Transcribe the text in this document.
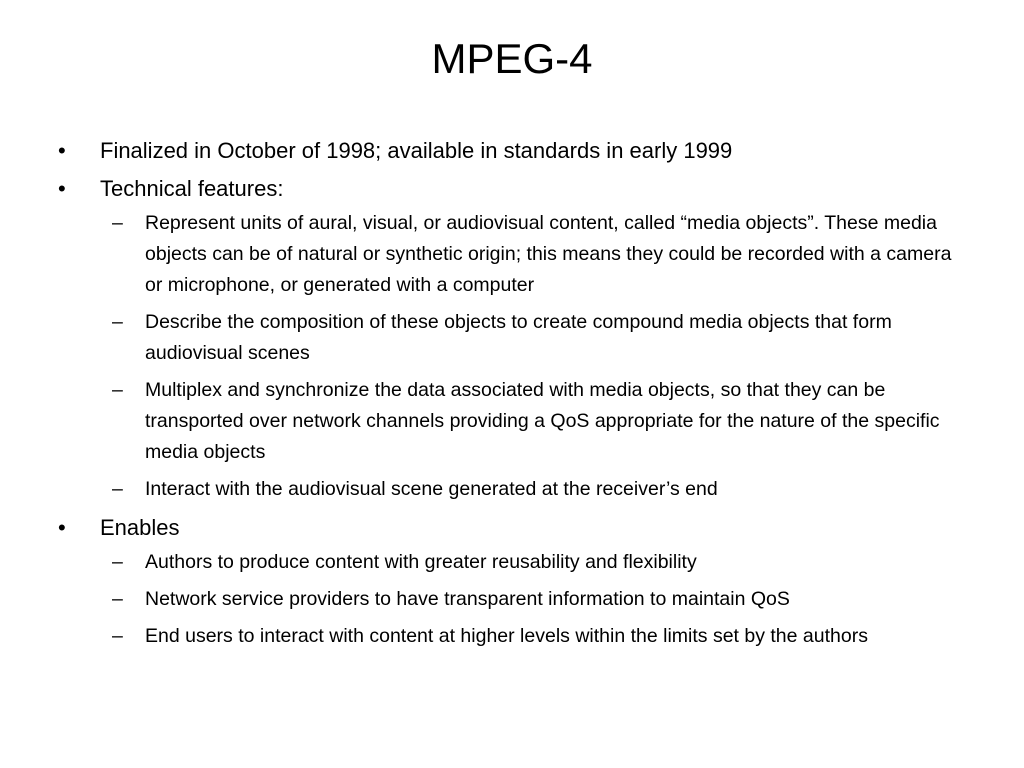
MPEG-4
•	Finalized in October of 1998; available in standards in early 1999
•	Technical features:
–	Represent units of aural, visual, or audiovisual content, called “media objects”. These media objects can be of natural or synthetic origin; this means they could be recorded with a camera or microphone, or generated with a computer
–	Describe the composition of these objects to create compound media objects that form audiovisual scenes
–	Multiplex and synchronize the data associated with media objects, so that they can be transported over network channels providing a QoS appropriate for the nature of the specific media objects
–	Interact with the audiovisual scene generated at the receiver’s end
•	Enables
–	Authors to produce content with greater reusability and flexibility
–	Network service providers to have transparent information to maintain QoS
–	End users to interact with content at higher levels within the limits set by the authors
